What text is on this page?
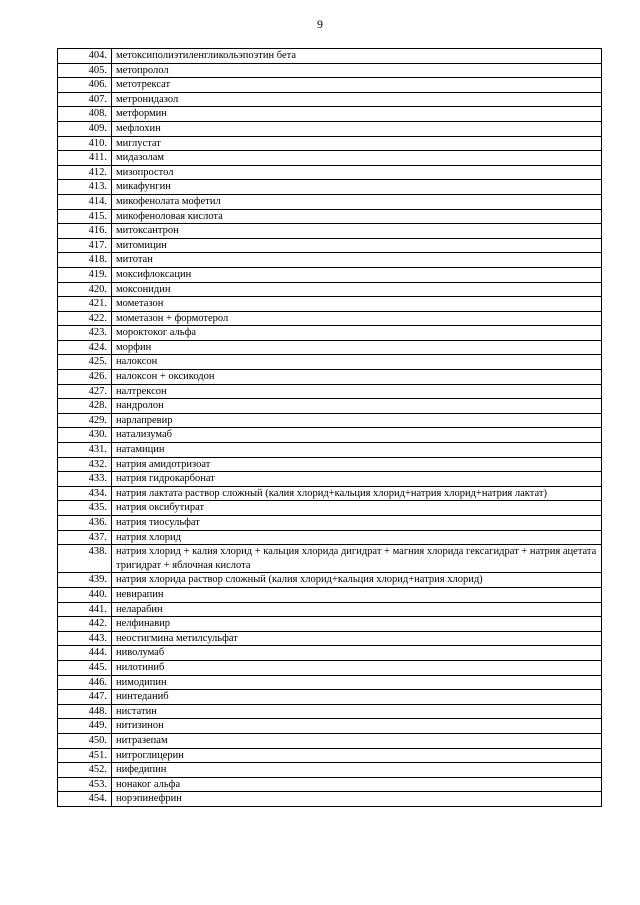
9
404.	метоксиполиэтиленгликольэпоэтин бета
405.	метопролол
406.	метотрексат
407.	метронидазол
408.	метформин
409.	мефлохин
410.	миглустат
411.	мидазолам
412.	мизопростол
413.	микафунгин
414.	микофенолата мофетил
415.	микофеноловая кислота
416.	митоксантрон
417.	митомицин
418.	митотан
419.	моксифлоксацин
420.	моксонидин
421.	мометазон
422.	мометазон + формотерол
423.	мороктоког альфа
424.	морфин
425.	налоксон
426.	налоксон + оксикодон
427.	налтрексон
428.	нандролон
429.	нарлапревир
430.	натализумаб
431.	натамицин
432.	натрия амидотризоат
433.	натрия гидрокарбонат
434.	натрия лактата раствор сложный (калия хлорид+кальция хлорид+натрия хлорид+натрия лактат)
435.	натрия оксибутират
436.	натрия тиосульфат
437.	натрия хлорид
438.	натрия хлорид + калия хлорид + кальция хлорида дигидрат + магния хлорида гексагидрат + натрия ацетата тригидрат + яблочная кислота
439.	натрия хлорида раствор сложный (калия хлорид+кальция хлорид+натрия хлорид)
440.	невирапин
441.	неларабин
442.	нелфинавир
443.	неостигмина метилсульфат
444.	ниволумаб
445.	нилотиниб
446.	нимодипин
447.	нинтеданиб
448.	нистатин
449.	нитизинон
450.	нитразепам
451.	нитроглицерин
452.	нифедипин
453.	нонаког альфа
454.	норэпинефрин
